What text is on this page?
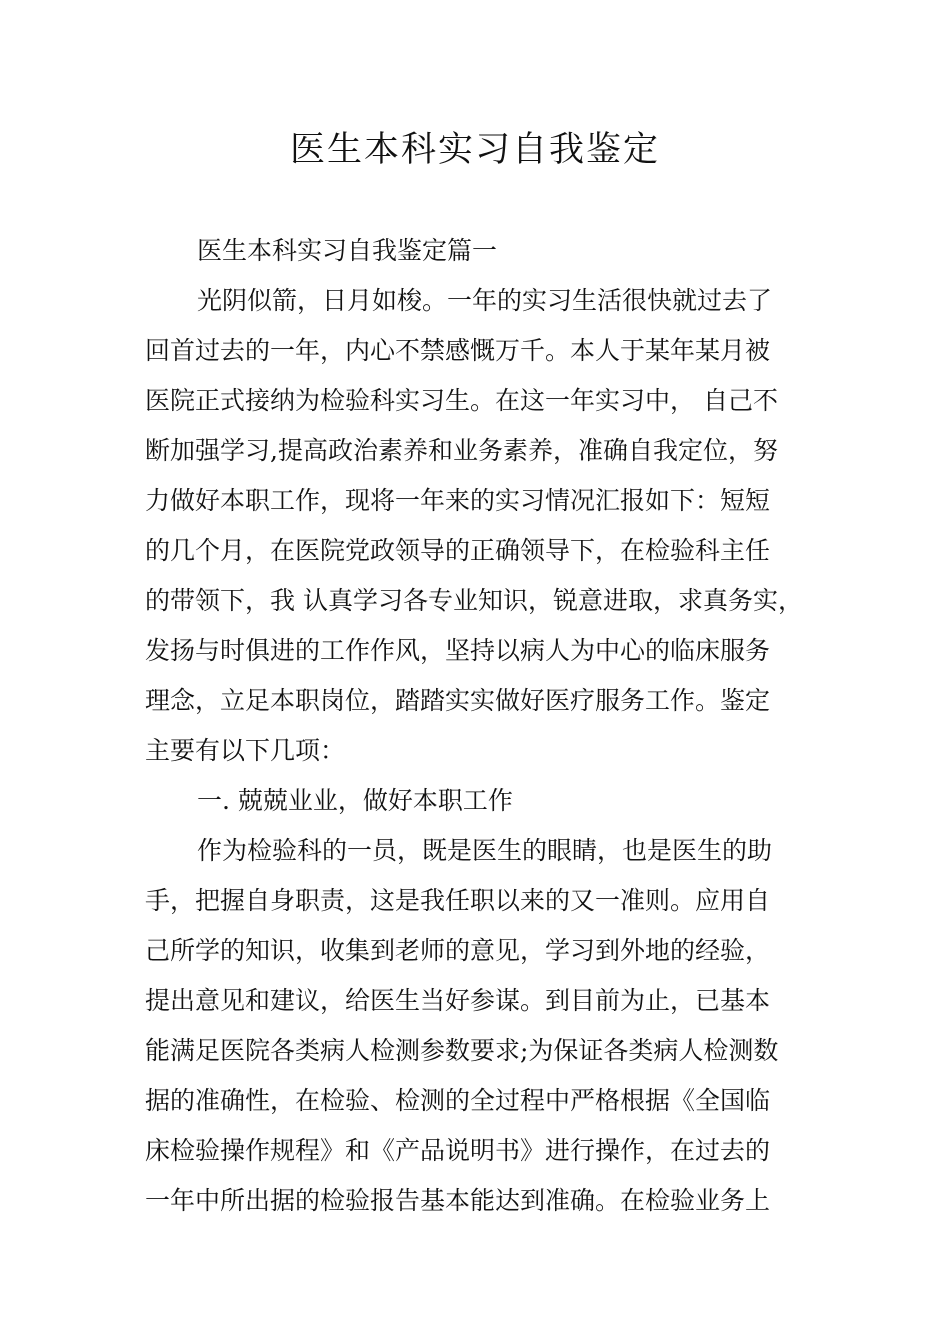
医生本科实习自我鉴定
医生本科实习自我鉴定篇一
光阴似箭，日月如梭。一年的实习生活很快就过去了
回首过去的一年，内心不禁感慨万千。本人于某年某月被
医院正式接纳为检验科实习生。在这一年实习中， 自己不
断加强学习,提高政治素养和业务素养，准确自我定位，努
力做好本职工作，现将一年来的实习情况汇报如下：短短
的几个月，在医院党政领导的正确领导下，在检验科主任
的带领下，我 认真学习各专业知识，锐意进取，求真务实，
发扬与时俱进的工作作风，坚持以病人为中心的临床服务
理念，立足本职岗位，踏踏实实做好医疗服务工作。鉴定
主要有以下几项：
一. 兢兢业业，做好本职工作
作为检验科的一员，既是医生的眼睛，也是医生的助
手，把握自身职责，这是我任职以来的又一准则。应用自
己所学的知识，收集到老师的意见，学习到外地的经验，
提出意见和建议，给医生当好参谋。到目前为止，已基本
能满足医院各类病人检测参数要求;为保证各类病人检测数
据的准确性，在检验、检测的全过程中严格根据《全国临
床检验操作规程》和《产品说明书》进行操作，在过去的
一年中所出据的检验报告基本能达到准确。在检验业务上
